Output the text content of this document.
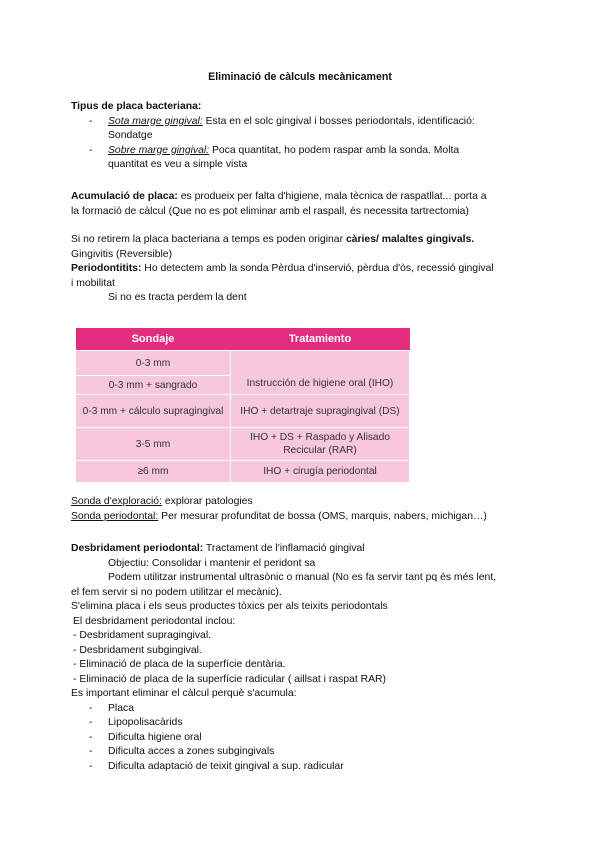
Eliminació de càlculs mecànicament
Tipus de placa bacteriana:
- Sota marge gingival: Esta en el solc gingival i bosses periodontals, identificació:
Sondatge
- Sobre marge gingival: Poca quantitat, ho podem raspar amb la sonda. Molta
quantitat es veu a simple vista
Acumulació de placa: es produeix per falta d'higiene, mala tècnica de raspatllat... porta a
la formació de càlcul (Que no es pot eliminar amb el raspall, és necessita tartrectomia)
Si no retirem la placa bacteriana a temps es poden originar càries/ malaltes gingivals.
Gingivitis (Reversible)
Periodontitits: Ho detectem amb la sonda Pèrdua d'inservió, pèrdua d'òs, recessió gingival
i mobilitat
Si no es tracta perdem la dent
Sondaje	Tratamiento
0-3 mm	Instrucción de higiene oral (IHO)
0-3 mm + sangrado	
0-3 mm + cálculo supragingival	IHO + detartraje supragingival (DS)
3-5 mm	IHO + DS + Raspado y Alisado Recicular (RAR)
≥6 mm	IHO + cirugía periodontal
Sonda d'exploració: explorar patologies
Sonda periodontal: Per mesurar profunditat de bossa (OMS, marquis, nabers, michigan…)
Desbridament periodontal: Tractament de l'inflamació gingival
Objectiu: Consolidar i mantenir el peridont sa
Podem utilitzar instrumental ultrasònic o manual (No es fa servir tant pq és més lent,
el fem servir si no podem utilitzar el mecànic).
S'elimina placa i els seus productes tòxics per als teixits periodontals
El desbridament periodontal inclou:
- Desbridament supragingival.
- Desbridament subgingival.
- Eliminació de placa de la superfície dentària.
- Eliminació de placa de la superfície radicular ( aillsat i raspat RAR)
Es important eliminar el càlcul perquè s'acumula:
- Placa
- Lipopolisacàrids
- Dificulta higiene oral
- Dificulta acces a zones subgingivals
- Dificulta adaptació de teixit gingival a sup. radicular
